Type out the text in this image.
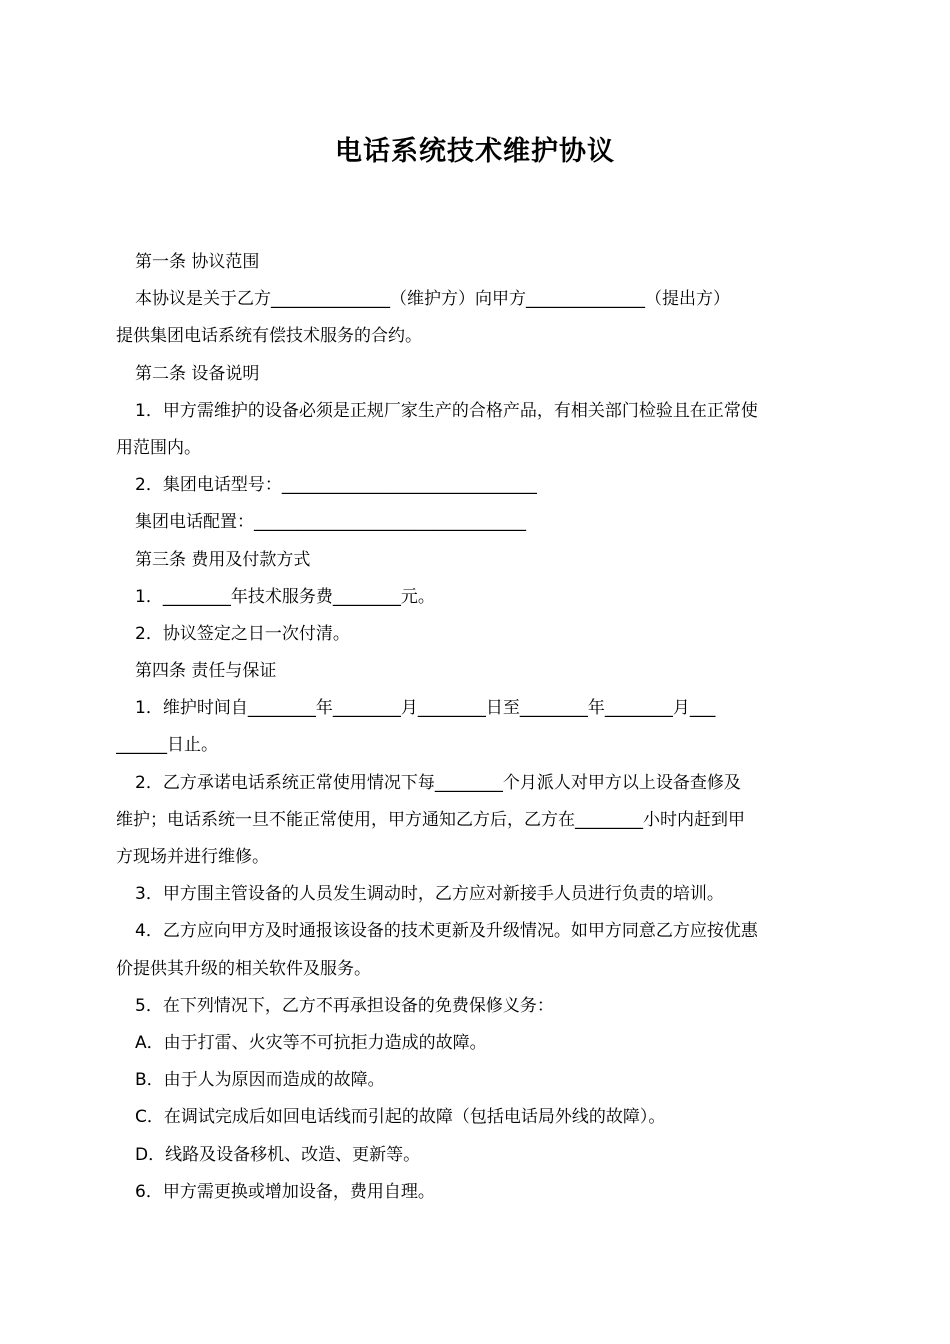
电话系统技术维护协议
第一条 协议范围
本协议是关于乙方______________（维护方）向甲方______________（提出方）
提供集团电话系统有偿技术服务的合约。
第二条 设备说明
1．甲方需维护的设备必须是正规厂家生产的合格产品，有相关部门检验且在正常使
用范围内。
2．集团电话型号：______________________________
集团电话配置：________________________________
第三条 费用及付款方式
1．________年技术服务费________元。
2．协议签定之日一次付清。
第四条 责任与保证
1．维护时间自________年________月________日至________年________月___
______日止。
2．乙方承诺电话系统正常使用情况下每________个月派人对甲方以上设备查修及
维护；电话系统一旦不能正常使用，甲方通知乙方后，乙方在________小时内赶到甲
方现场并进行维修。
3．甲方围主管设备的人员发生调动时，乙方应对新接手人员进行负责的培训。
4．乙方应向甲方及时通报该设备的技术更新及升级情况。如甲方同意乙方应按优惠
价提供其升级的相关软件及服务。
5．在下列情况下，乙方不再承担设备的免费保修义务：
A．由于打雷、火灾等不可抗拒力造成的故障。
B．由于人为原因而造成的故障。
C．在调试完成后如回电话线而引起的故障（包括电话局外线的故障）。
D．线路及设备移机、改造、更新等。
6．甲方需更换或增加设备，费用自理。
